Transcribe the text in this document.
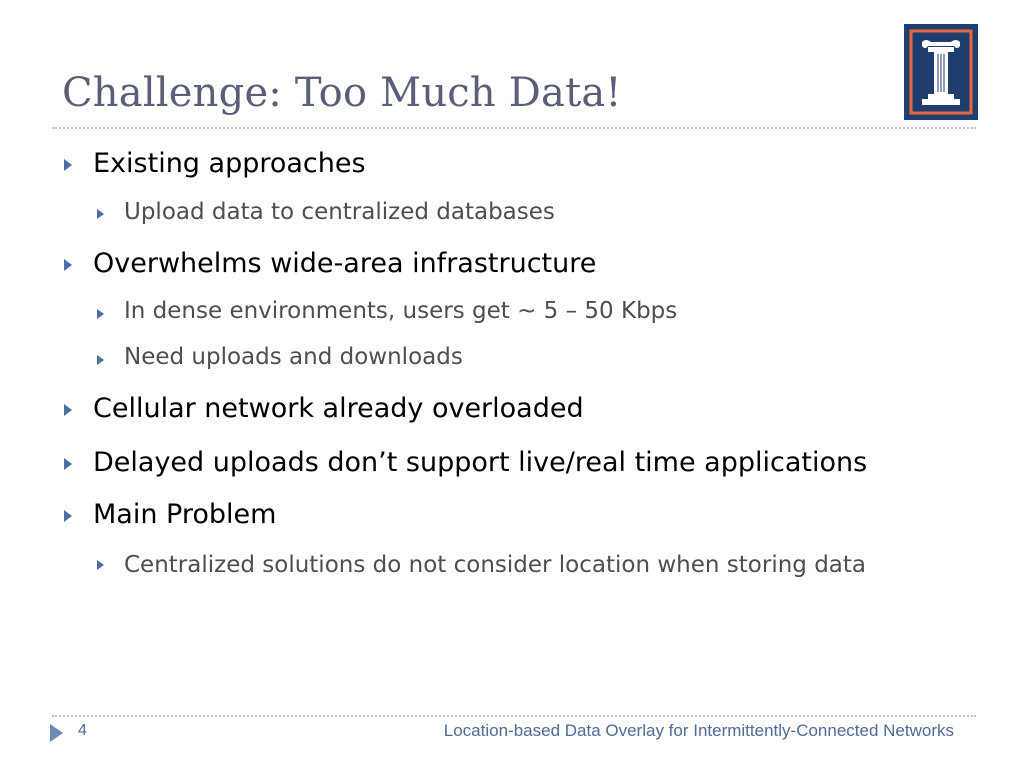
Challenge: Too Much Data!
Existing approaches
Upload data to centralized databases
Overwhelms wide-area infrastructure
In dense environments, users get ~ 5 – 50 Kbps
Need uploads and downloads
Cellular network already overloaded
Delayed uploads don’t support live/real time applications
Main Problem
Centralized solutions do not consider location when storing data
4	Location-based Data Overlay for Intermittently-Connected Networks
